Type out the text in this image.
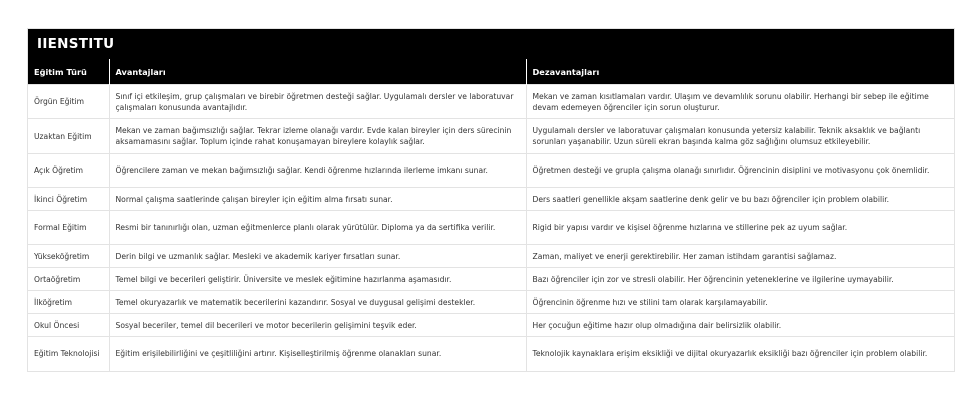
IIENSTITU
Eğitim Türü	Avantajları	Dezavantajları
Örgün Eğitim	Sınıf içi etkileşim, grup çalışmaları ve birebir öğretmen desteği sağlar. Uygulamalı dersler ve laboratuvar çalışmaları konusunda avantajlıdır.	Mekan ve zaman kısıtlamaları vardır. Ulaşım ve devamlılık sorunu olabilir. Herhangi bir sebep ile eğitime devam edemeyen öğrenciler için sorun oluşturur.
Uzaktan Eğitim	Mekan ve zaman bağımsızlığı sağlar. Tekrar izleme olanağı vardır. Evde kalan bireyler için ders sürecinin aksamamasını sağlar. Toplum içinde rahat konuşamayan bireylere kolaylık sağlar.	Uygulamalı dersler ve laboratuvar çalışmaları konusunda yetersiz kalabilir. Teknik aksaklık ve bağlantı sorunları yaşanabilir. Uzun süreli ekran başında kalma göz sağlığını olumsuz etkileyebilir.
Açık Öğretim	Öğrencilere zaman ve mekan bağımsızlığı sağlar. Kendi öğrenme hızlarında ilerleme imkanı sunar.	Öğretmen desteği ve grupla çalışma olanağı sınırlıdır. Öğrencinin disiplini ve motivasyonu çok önemlidir.
İkinci Öğretim	Normal çalışma saatlerinde çalışan bireyler için eğitim alma fırsatı sunar.	Ders saatleri genellikle akşam saatlerine denk gelir ve bu bazı öğrenciler için problem olabilir.
Formal Eğitim	Resmi bir tanınırlığı olan, uzman eğitmenlerce planlı olarak yürütülür. Diploma ya da sertifika verilir.	Rigid bir yapısı vardır ve kişisel öğrenme hızlarına ve stillerine pek az uyum sağlar.
Yükseköğretim	Derin bilgi ve uzmanlık sağlar. Mesleki ve akademik kariyer fırsatları sunar.	Zaman, maliyet ve enerji gerektirebilir. Her zaman istihdam garantisi sağlamaz.
Ortaöğretim	Temel bilgi ve becerileri geliştirir. Üniversite ve meslek eğitimine hazırlanma aşamasıdır.	Bazı öğrenciler için zor ve stresli olabilir. Her öğrencinin yeteneklerine ve ilgilerine uymayabilir.
İlköğretim	Temel okuryazarlık ve matematik becerilerini kazandırır. Sosyal ve duygusal gelişimi destekler.	Öğrencinin öğrenme hızı ve stilini tam olarak karşılamayabilir.
Okul Öncesi	Sosyal beceriler, temel dil becerileri ve motor becerilerin gelişimini teşvik eder.	Her çocuğun eğitime hazır olup olmadığına dair belirsizlik olabilir.
Eğitim Teknolojisi	Eğitim erişilebilirliğini ve çeşitliliğini artırır. Kişiselleştirilmiş öğrenme olanakları sunar.	Teknolojik kaynaklara erişim eksikliği ve dijital okuryazarlık eksikliği bazı öğrenciler için problem olabilir.
